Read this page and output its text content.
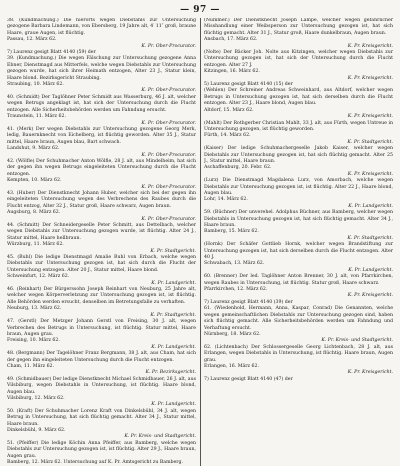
— 97 —

38. (Kundmachung.) Die hierorts wegen Diebstahls zur Untersuchung gezogene Barbara Lindemann, von Ebersberg, 19 Jahre alt, 4′ 11″ groß, braune Haare, graue Augen, ist flüchtig.

Passau, 12. März 62.

K. Pr. Ober-Procurator.

7) Laurenz gesigt Blatt 4140 (59) der

39. (Kundmachung.) Die wegen Fälschung zur Untersuchung gezogene Anna Ebner, Dienstmagd aus Mitterfels, welche wegen Diebstahls zur Untersuchung gezogen wurde, hat sich ihrer Heimath entzogen, Alter 23 J., Statur klein, Haare blond. Bezirksgericht Straubing.

Straubing, 10. März 62.

K. Pr. Ober-Procurator.

40. (Schmidt) Der Taglöhner Peter Schmidt aus Wasserburg, 46 J. alt, welcher wegen Betrugs angeklagt ist, hat sich der Untersuchung durch die Flucht entzogen. Alle Sicherheitsbehörden werden um Fahndung ersucht.

Traunstein, 11. März 62.

K. Pr. Ober-Procurator.

41. (Merk) Der wegen Diebstahls zur Untersuchung gezogene Georg Merk, ledig, Bauernknecht von Eichelberg, ist flüchtig geworden. Alter 35 J., Statur mittel, Haare braun, Augen blau, Bart schwach.

Landshut, 9. März 62.

K. Pr. Ober-Procurator.

42. (Wölfle) Der Schuhmacher Anton Wölfle, 28 J. alt, aus Mindelheim, hat sich der gegen ihn wegen Betrugs eingeleiteten Untersuchung durch die Flucht entzogen.

Kempten, 10. März 62.

K. Pr. Ober-Procurator.

43. (Huber) Der Dienstknecht Johann Huber, welcher sich bei der gegen ihn eingeleiteten Untersuchung wegen des Verbrechens des Raubes durch die Flucht entzog, Alter 32 J., Statur groß, Haare schwarz, Augen braun.

Augsburg, 8. März 62.

K. Pr. Ober-Procurator.

44. (Schmitt) Der Schneidergeselle Peter Schmitt, aus Dettelbach, welcher wegen Diebstahls zur Untersuchung gezogen wurde, ist flüchtig. Alter 24 J., Statur mittel, Haare hellbraun.

Würzburg, 11. März 62.

K. Pr. Stadtgericht.

45. (Buhl) Die ledige Dienstmagd Amalie Buhl von Erbach, welche wegen Diebstahls zur Untersuchung gezogen ist, hat sich durch die Flucht der Untersuchung entzogen. Alter 20 J., Statur mittel, Haare blond.

Schweinfurt, 12. März 62.

K. Pr. Landgericht.

46. (Reinhart) Der Bürgerssohn Joseph Reinhart von Neuburg, 25 Jahre alt, welcher wegen Körperverletzung zur Untersuchung gezogen ist, ist flüchtig. Alle Behörden werden ersucht, denselben im Betretungsfalle zu verhaften.

Neuburg, 13. März 62.

K. Pr. Stadtgericht.

47. (Gerstl) Der Metzger Johann Gerstl von Freising, 30 J. alt, wegen Verbrechen des Betrugs in Untersuchung, ist flüchtig. Statur mittel, Haare braun, Augen grau.

Freising, 10. März 62.

K. Pr. Landgericht.

48. (Bergmann) Der Tagelöhner Franz Bergmann, 38 J. alt, aus Cham, hat sich der gegen ihn eingeleiteten Untersuchung durch die Flucht entzogen.

Cham, 11. März 62.

K. Pr. Bezirksgericht.

49. (Schmidbauer) Der ledige Dienstknecht Michael Schmidbauer, 26 J. alt, aus Vilsbiburg, wegen Diebstahls in Untersuchung, ist flüchtig. Haare blond, Augen blau.

Vilsbiburg, 12. März 62.

K. Pr. Landgericht.

50. (Kraft) Der Schuhmacher Lorenz Kraft von Dinkelsbühl, 34 J. alt, wegen Betrug in Untersuchung, hat sich flüchtig gemacht. Alter 34 J., Statur mittel, Haare braun.

Dinkelsbühl, 9. März 62.

K. Pr. Kreis- und Stadtgericht.

51. (Pfeiffer) Die ledige Köchin Anna Pfeiffer, aus Bamberg, welche wegen Diebstahls zur Untersuchung gezogen ist, ist flüchtig. Alter 29 J., Haare braun, Augen grau.

Bamberg, 12. März 62. Untersuchung auf K. Pr. Amtsgericht zu Bamberg.

(Nummer.) Der Dienstknecht Joseph Lampe, welcher wegen gefährlicher Misshandlung einer Weibsperson zur Untersuchung gezogen ist, hat sich flüchtig gemacht. Alter 31 J., Statur groß, Haare dunkelbraun, Augen braun.

Ansbach, 17. März 62.

K. Pr. Kreisgericht.

(Nolte) Der Bäcker Joh. Nolte aus Kitzingen, welcher wegen Diebstahls zur Untersuchung gezogen ist, hat sich der Untersuchung durch die Flucht entzogen. Alter 27 J.

Kitzingen, 16. März 62.

K. Pr. Kreisgericht.

5) Laurenz gesigt Blatt 4140 (15) der

(Wehlen) Der Schreiner Andreas Schweinhard, aus Altdorf, welcher wegen Betrugs in Untersuchung gezogen ist, hat sich derselben durch die Flucht entzogen. Alter 23 J., Haare blond, Augen blau.

Altdorf, 15. März 62.

K. Pr. Kreisgericht.

(Mahlt) Der Rothgerber Christian Mahlt, 33 J. alt, aus Fürth, wegen Untreue in Untersuchung gezogen, ist flüchtig geworden.

Fürth, 14. März 62.

K. Pr. Stadtgericht.

(Kaiser) Der ledige Schuhmachergeselle Jakob Kaiser, welcher wegen Diebstahls zur Untersuchung gezogen ist, hat sich flüchtig gemacht. Alter 25 J., Statur mittel, Haare braun.

Aschaffenburg, 20. Febr. 62.

K. Pr. Kreisgericht.

(Lurz) Die Dienstmagd Magdalena Lurz, von Amorbach, welche wegen Diebstahls zur Untersuchung gezogen ist, ist flüchtig. Alter 22 J., Haare blond, Augen blau.

Lohr, 14. März 62.

K. Pr. Landgericht.

59. (Büchner) Der unverehel. Adolphus Büchner, aus Bamberg, welcher wegen Diebstahls in Untersuchung gezogen ist, hat sich flüchtig gemacht. Alter 34 J., Haare braun.

Bamberg, 15. März 62.

K. Pr. Stadtgericht.

(Hornk) Der Schäfer Gottlieb Hornk, welcher wegen Brandstiftung zur Untersuchung gezogen ist, hat sich derselben durch die Flucht entzogen. Alter 40 J.

Schwabach, 13. März 62.

K. Pr. Landgericht.

60. (Brenner) Der led. Taglöhner Anton Brenner, 30 J. alt, von Pfarrkirchen, wegen Raubes in Untersuchung, ist flüchtig. Statur groß, Haare schwarz.

Pfarrkirchen, 12. März 62.

K. Pr. Kreisgericht.

7) Laurenz gesigt Blatt 4140 (39) der

61. (Wiedenhold, Hermann, Anna, Kaspar, Conrad) Die Genannten, welche wegen gemeinschaftlichen Diebstahls zur Untersuchung gezogen sind, haben sich flüchtig gemacht. Alle Sicherheitsbehörden werden um Fahndung und Verhaftung ersucht.

Nürnberg, 18. März 62.

K. Pr. Kreis- und Stadtgericht.

62. (Lichtenbach) Der Schlossergeselle Georg Lichtenbach, 28 J. alt, aus Erlangen, wegen Diebstahls in Untersuchung, ist flüchtig. Haare braun, Augen grau.

Erlangen, 16. März 62.

K. Pr. Kreisgericht.

7) Laurenz gesigt Blatt 4140 (47) der
